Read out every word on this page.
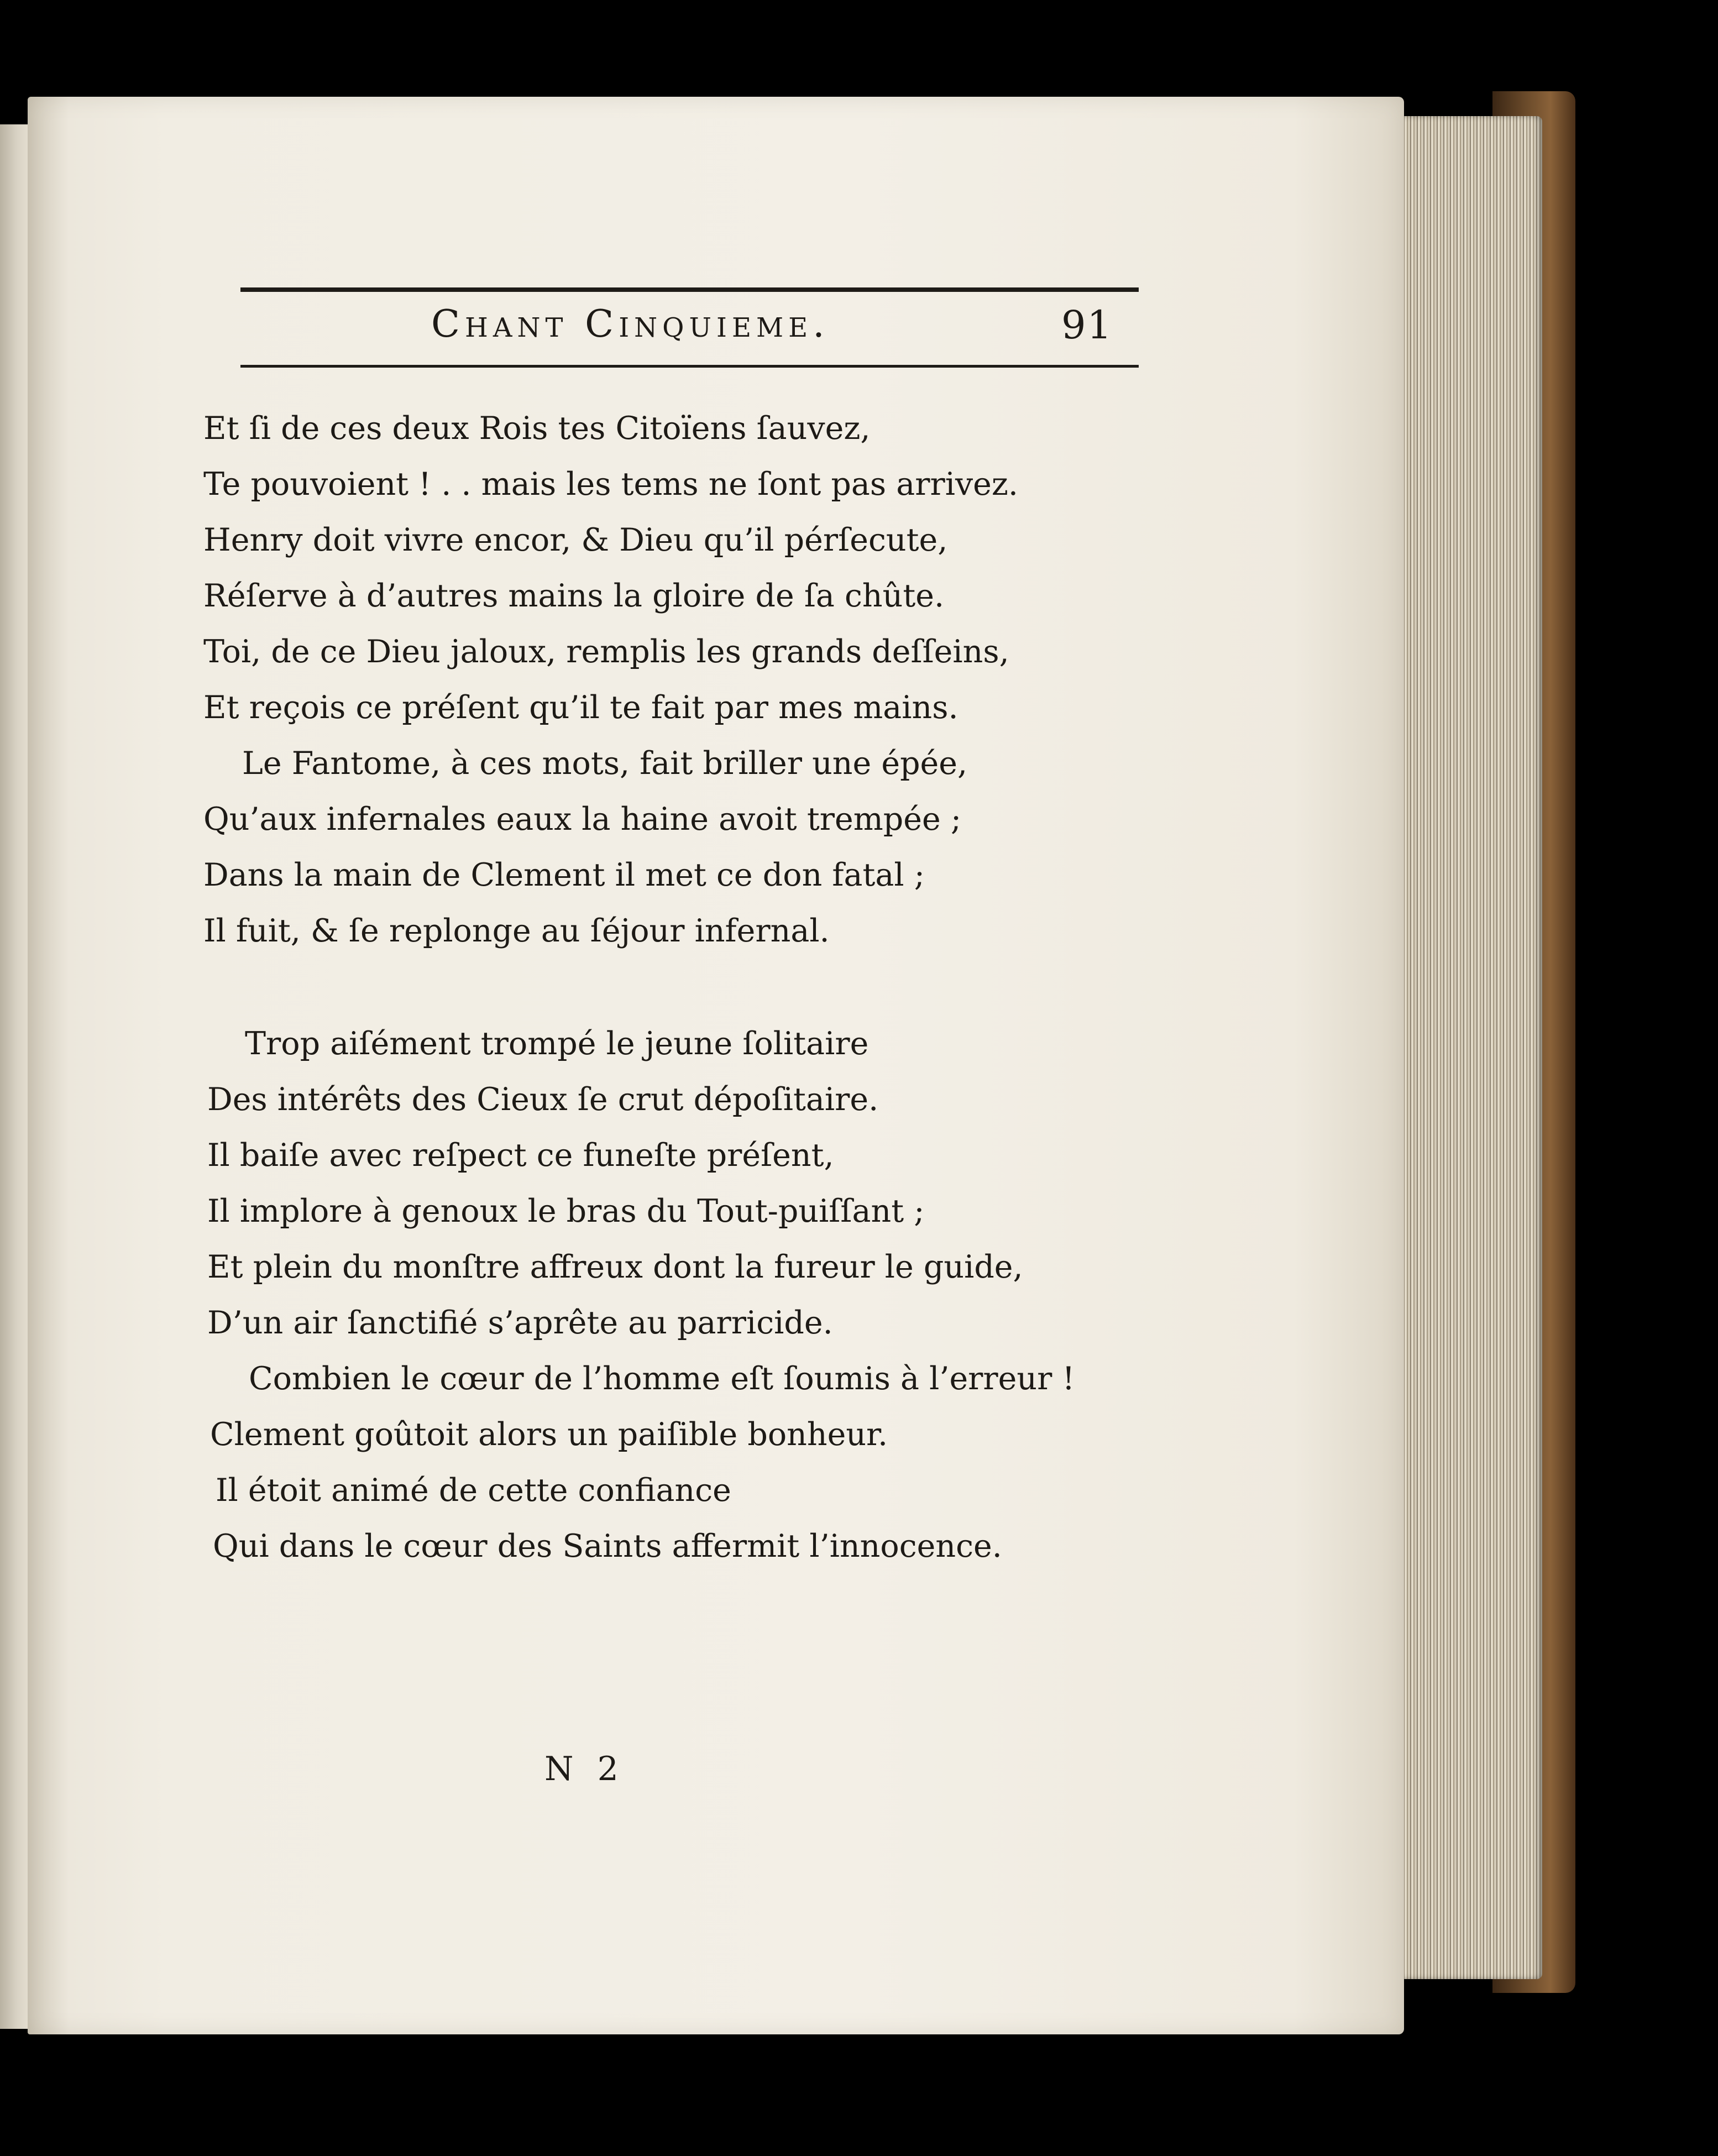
Chant Cinquieme.	91
Et ſi de ces deux Rois tes Citoïens ſauvez,
Te pouvoient ! . . mais les tems ne ſont pas arrivez.
Henry doit vivre encor, & Dieu qu’il pérſecute,
Réſerve à d’autres mains la gloire de ſa chûte.
Toi, de ce Dieu jaloux, remplis les grands deſſeins,
Et reçois ce préſent qu’il te fait par mes mains.
Le Fantome, à ces mots, fait briller une épée,
Qu’aux infernales eaux la haine avoit trempée ;
Dans la main de Clement il met ce don fatal ;
Il fuit, & ſe replonge au ſéjour infernal.
Trop aiſément trompé le jeune ſolitaire
Des intérêts des Cieux ſe crut dépoſitaire.
Il baiſe avec reſpect ce funeſte préſent,
Il implore à genoux le bras du Tout-puiſſant ;
Et plein du monſtre affreux dont la fureur le guide,
D’un air ſanctifié s’aprête au parricide.
Combien le cœur de l’homme eſt ſoumis à l’erreur !
Clement goûtoit alors un paiſible bonheur.
Il étoit animé de cette confiance
Qui dans le cœur des Saints affermit l’innocence.
N 2
